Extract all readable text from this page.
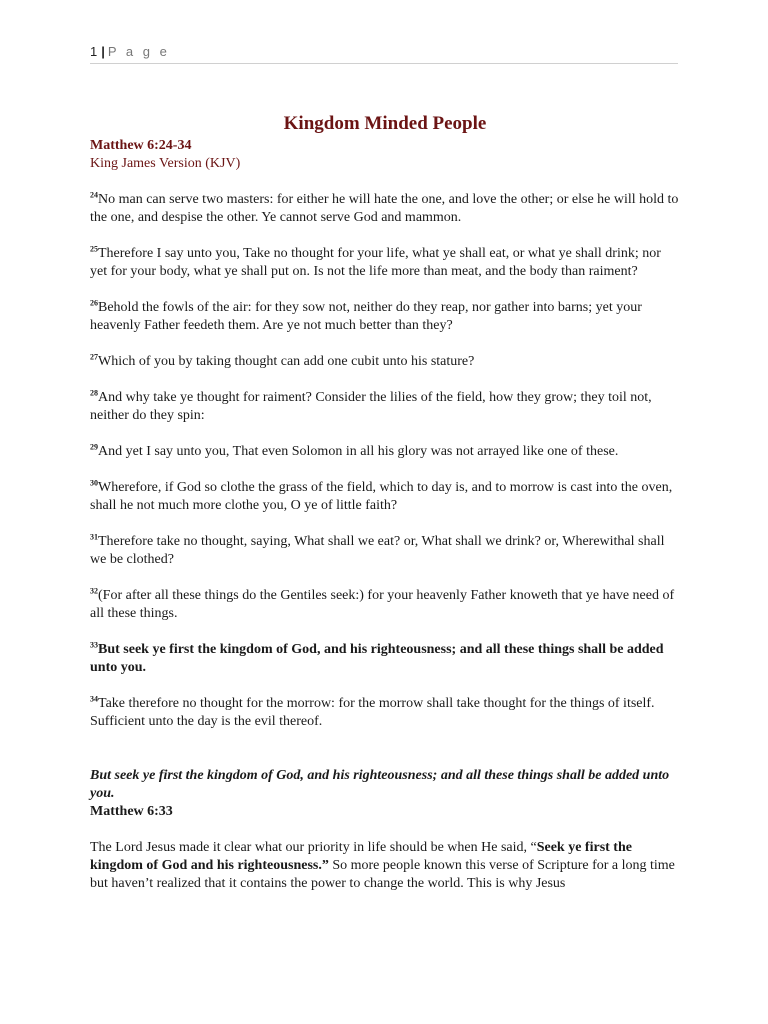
1 | P a g e
Kingdom Minded People
Matthew 6:24-34
King James Version (KJV)

$^{24}$No man can serve two masters: for either he will hate the one, and love the other; or else he will hold to the one, and despise the other. Ye cannot serve God and mammon.

$^{25}$Therefore I say unto you, Take no thought for your life, what ye shall eat, or what ye shall drink; nor yet for your body, what ye shall put on. Is not the life more than meat, and the body than raiment?

$^{26}$Behold the fowls of the air: for they sow not, neither do they reap, nor gather into barns; yet your heavenly Father feedeth them. Are ye not much better than they?

$^{27}$Which of you by taking thought can add one cubit unto his stature?

$^{28}$And why take ye thought for raiment? Consider the lilies of the field, how they grow; they toil not, neither do they spin:

$^{29}$And yet I say unto you, That even Solomon in all his glory was not arrayed like one of these.

$^{30}$Wherefore, if God so clothe the grass of the field, which to day is, and to morrow is cast into the oven, shall he not much more clothe you, O ye of little faith?

$^{31}$Therefore take no thought, saying, What shall we eat? or, What shall we drink? or, Wherewithal shall we be clothed?

$^{32}$(For after all these things do the Gentiles seek:) for your heavenly Father knoweth that ye have need of all these things.

$^{33}$But seek ye first the kingdom of God, and his righteousness; and all these things shall be added unto you.

$^{34}$Take therefore no thought for the morrow: for the morrow shall take thought for the things of itself. Sufficient unto the day is the evil thereof.

But seek ye first the kingdom of God, and his righteousness; and all these things shall be added unto you.
Matthew 6:33

The Lord Jesus made it clear what our priority in life should be when He said, “Seek ye first the kingdom of God and his righteousness.” So more people known this verse of Scripture for a long time but haven’t realized that it contains the power to change the world. This is why Jesus
